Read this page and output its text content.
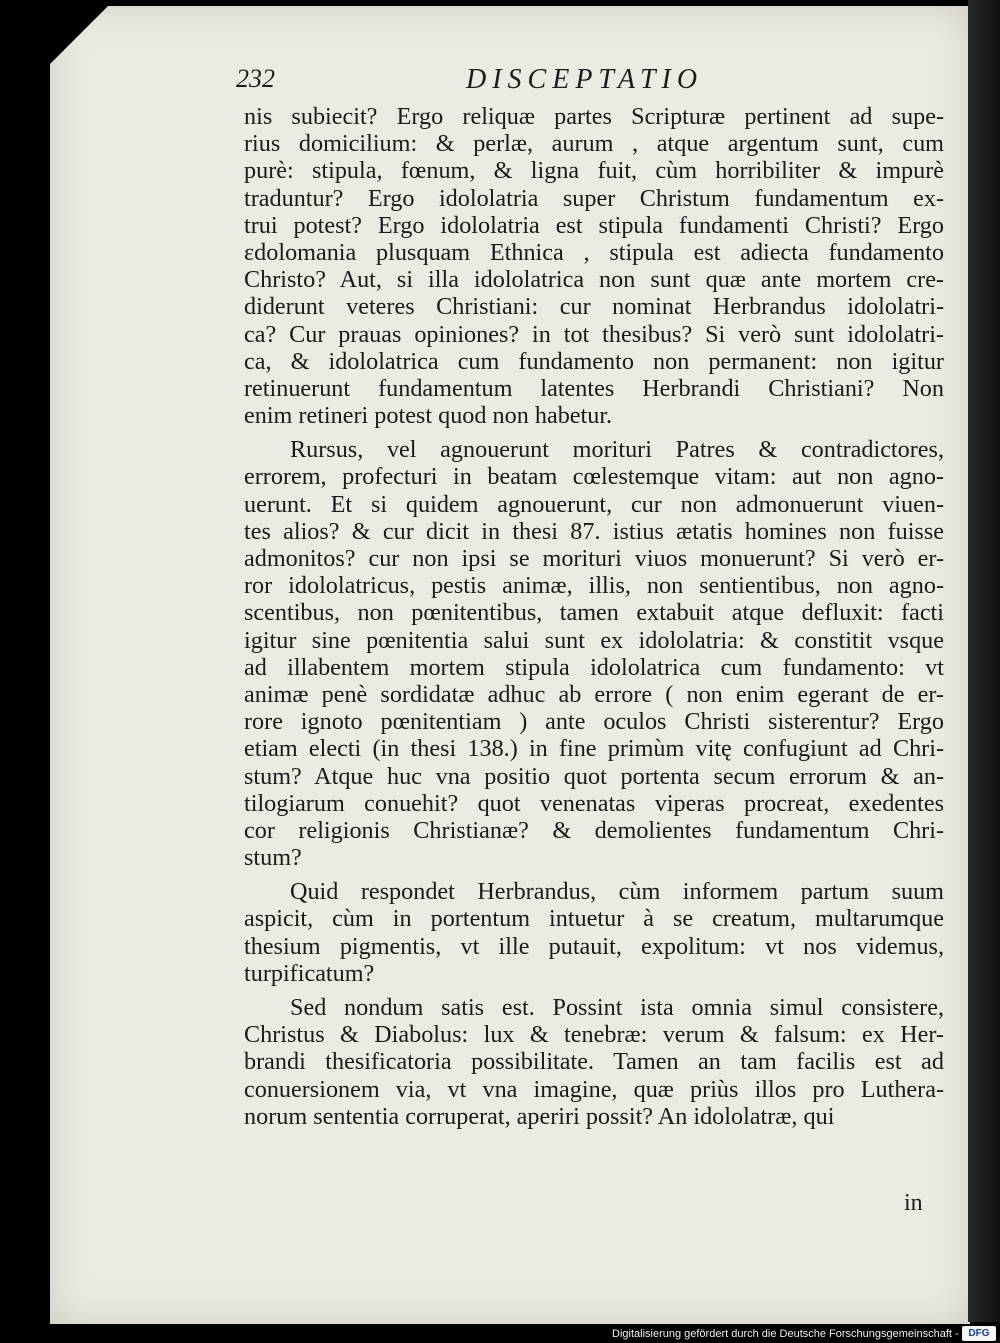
232	DISCEPTATIO
nis subiecit? Ergo reliquæ partes Scripturæ pertinent ad supe-
rius domicilium: & perlæ, aurum , atque argentum sunt, cum
purè: stipula, fœnum, & ligna fuit, cùm horribiliter & impurè
traduntur? Ergo idololatria super Christum fundamentum ex-
trui potest? Ergo idololatria est stipula fundamenti Christi? Ergo
εdolomania plusquam Ethnica , stipula est adiecta fundamento
Christo? Aut, si illa idololatrica non sunt quæ ante mortem cre-
diderunt veteres Christiani: cur nominat Herbrandus idololatri-
ca? Cur prauas opiniones? in tot thesibus? Si verò sunt idololatri-
ca, & idololatrica cum fundamento non permanent: non igitur
retinuerunt fundamentum latentes Herbrandi Christiani? Non
enim retineri potest quod non habetur.
Rursus, vel agnouerunt morituri Patres & contradictores,
errorem, profecturi in beatam cœlestemque vitam: aut non agno-
uerunt. Et si quidem agnouerunt, cur non admonuerunt viuen-
tes alios? & cur dicit in thesi 87. istius ætatis homines non fuisse
admonitos? cur non ipsi se morituri viuos monuerunt? Si verò er-
ror idololatricus, pestis animæ, illis, non sentientibus, non agno-
scentibus, non pœnitentibus, tamen extabuit atque defluxit: facti
igitur sine pœnitentia salui sunt ex idololatria: & constitit vsque
ad illabentem mortem stipula idololatrica cum fundamento: vt
animæ penè sordidatæ adhuc ab errore ( non enim egerant de er-
rore ignoto pœnitentiam ) ante oculos Christi sisterentur? Ergo
etiam electi (in thesi 138.) in fine primùm vitę confugiunt ad Chri-
stum? Atque huc vna positio quot portenta secum errorum & an-
tilogiarum conuehit? quot venenatas viperas procreat, exedentes
cor religionis Christianæ? & demolientes fundamentum Chri-
stum?
Quid respondet Herbrandus, cùm informem partum suum
aspicit, cùm in portentum intuetur à se creatum, multarumque
thesium pigmentis, vt ille putauit, expolitum: vt nos videmus,
turpificatum?
Sed nondum satis est. Possint ista omnia simul consistere,
Christus & Diabolus: lux & tenebræ: verum & falsum: ex Her-
brandi thesificatoria possibilitate. Tamen an tam facilis est ad
conuersionem via, vt vna imagine, quæ priùs illos pro Luthera-
norum sententia corruperat, aperiri possit? An idololatræ, qui
in
Digitalisierung gefördert durch die Deutsche Forschungsgemeinschaft - DFG
